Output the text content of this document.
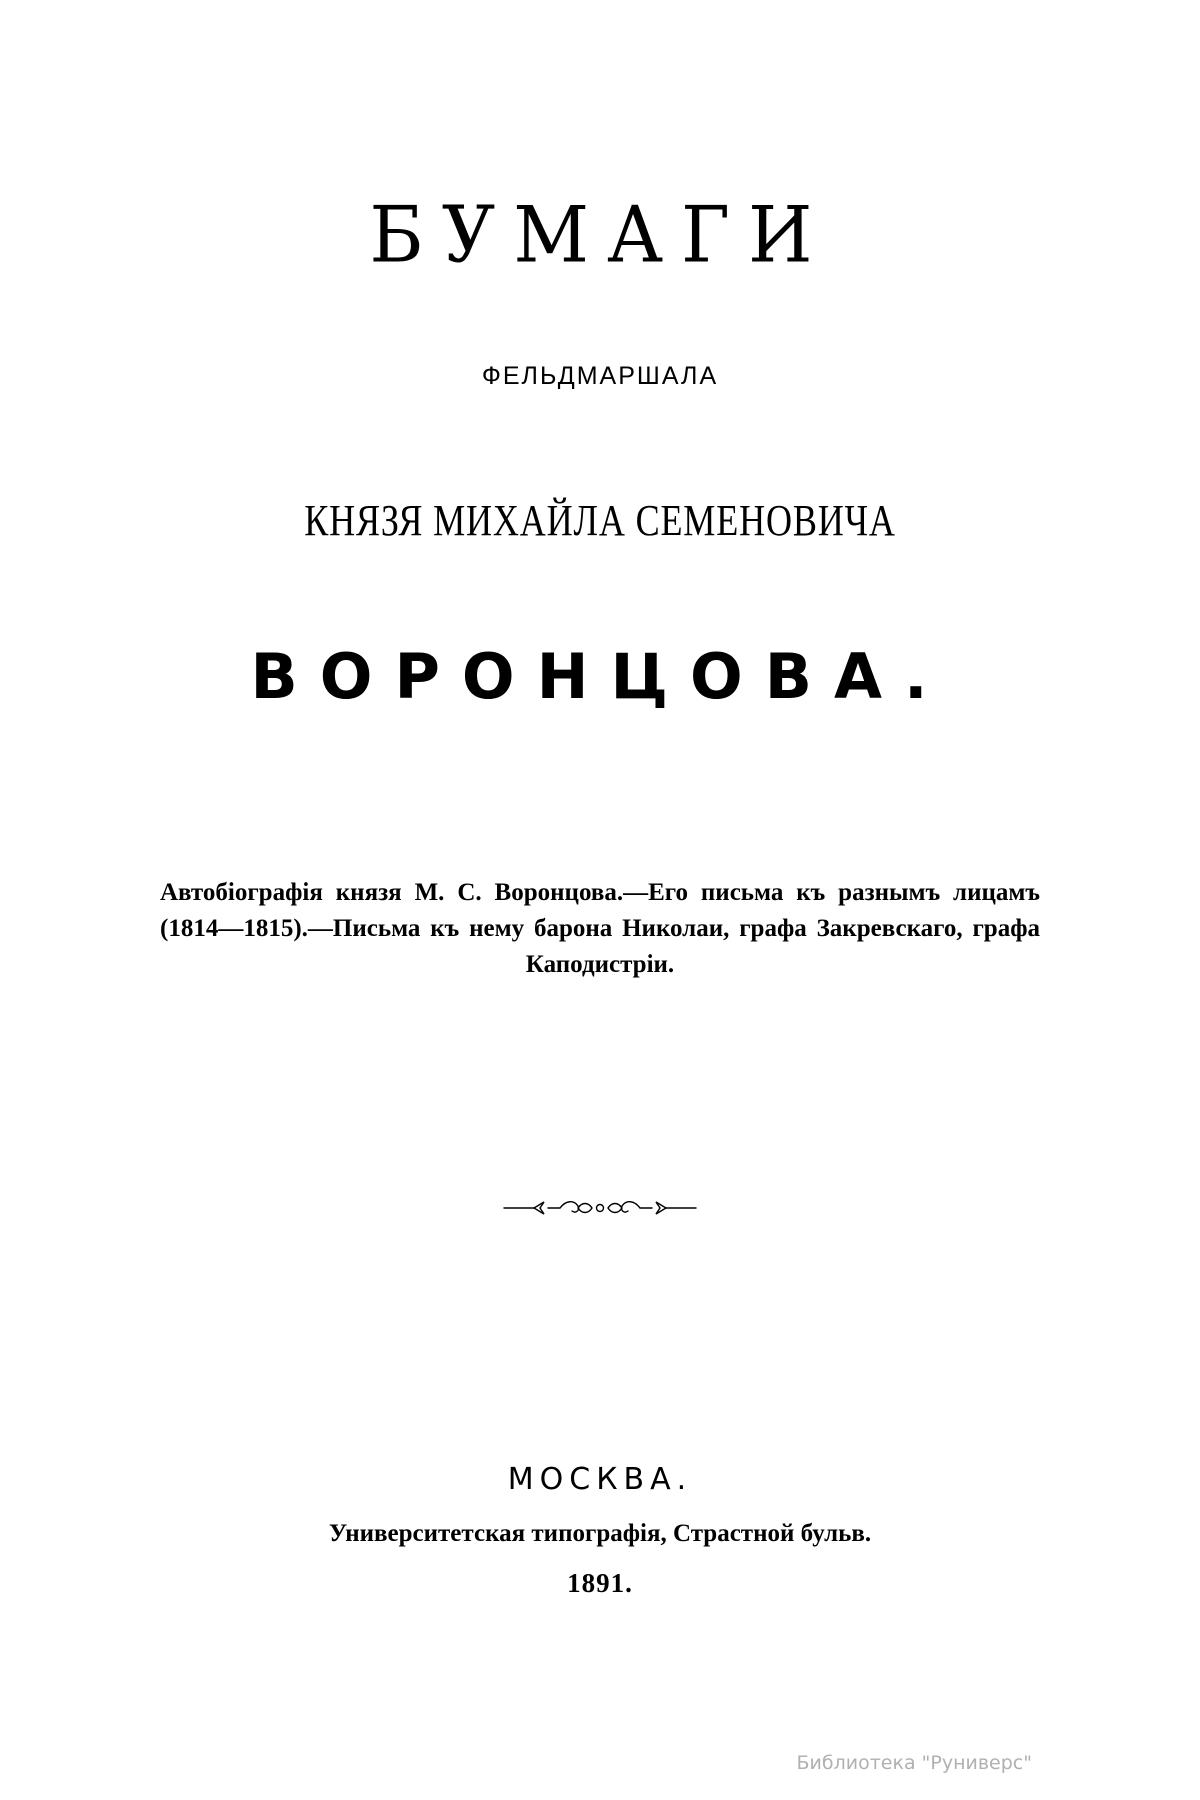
БУМАГИ
ФЕЛЬДМАРШАЛА
КНЯЗЯ МИХАЙЛА СЕМЕНОВИЧА
ВОРОНЦОВА.
Автобіографія князя М. С. Воронцова.—Его письма къ разнымъ лицамъ (1814—1815).—Письма къ нему барона Николаи, графа Закревскаго, графа Каподистріи.
МОСКВА.
Университетская типографія, Страстной бульв.
1891.
Библиотека "Руниверс"
